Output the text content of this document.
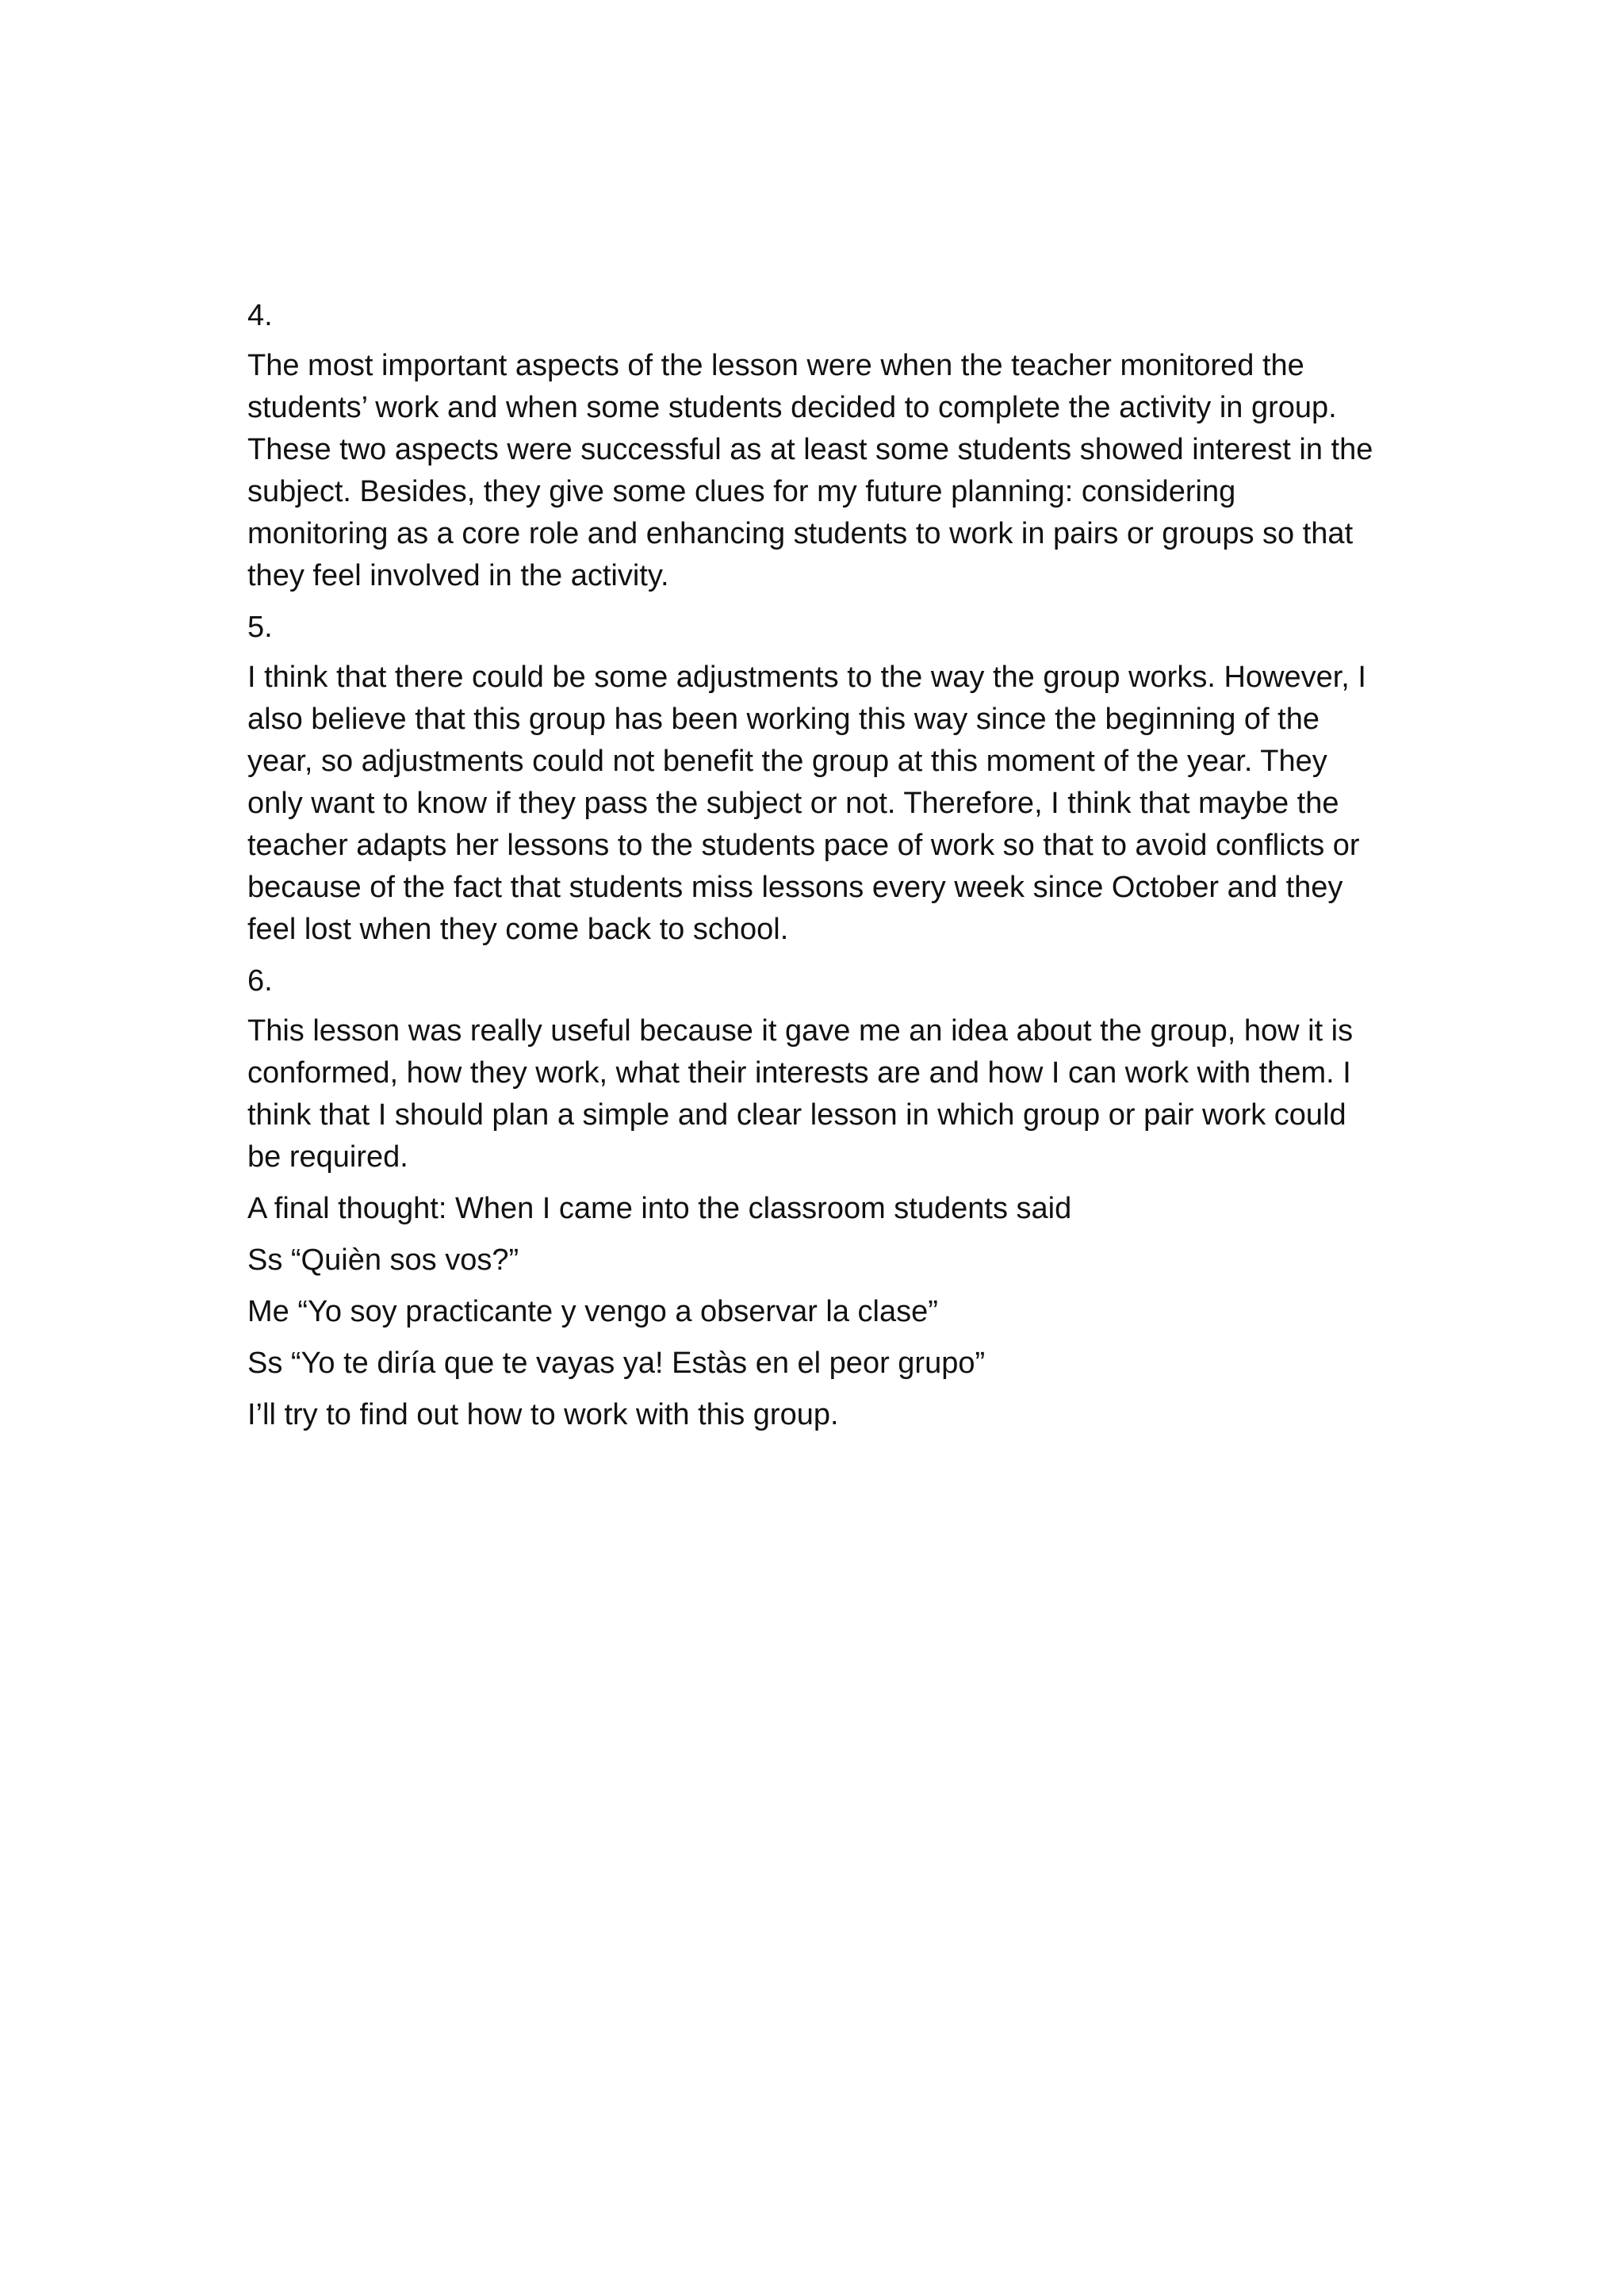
4.
The most important aspects of the lesson were when the teacher monitored the
students’ work and when some students decided to complete the activity in group.
These two aspects were successful as at least some students showed interest in the
subject. Besides, they give some clues for my future planning: considering
monitoring as a core role and enhancing students to work in pairs or groups so that
they feel involved in the activity.
5.
I think that there could be some adjustments to the way the group works. However, I
also believe that this group has been working this way since the beginning of the
year, so adjustments could not benefit the group at this moment of the year. They
only want to know if they pass the subject or not. Therefore, I think that maybe the
teacher adapts her lessons to the students pace of work so that to avoid conflicts or
because of the fact that students miss lessons every week since October and they
feel lost when they come back to school.
6.
This lesson was really useful because it gave me an idea about the group, how it is
conformed, how they work, what their interests are and how I can work with them. I
think that I should plan a simple and clear lesson in which group or pair work could
be required.
A final thought: When I came into the classroom students said
Ss “Quièn sos vos?”
Me “Yo soy practicante y vengo a observar la clase”
Ss “Yo te diría que te vayas ya! Estàs en el peor grupo”
I’ll try to find out how to work with this group.
